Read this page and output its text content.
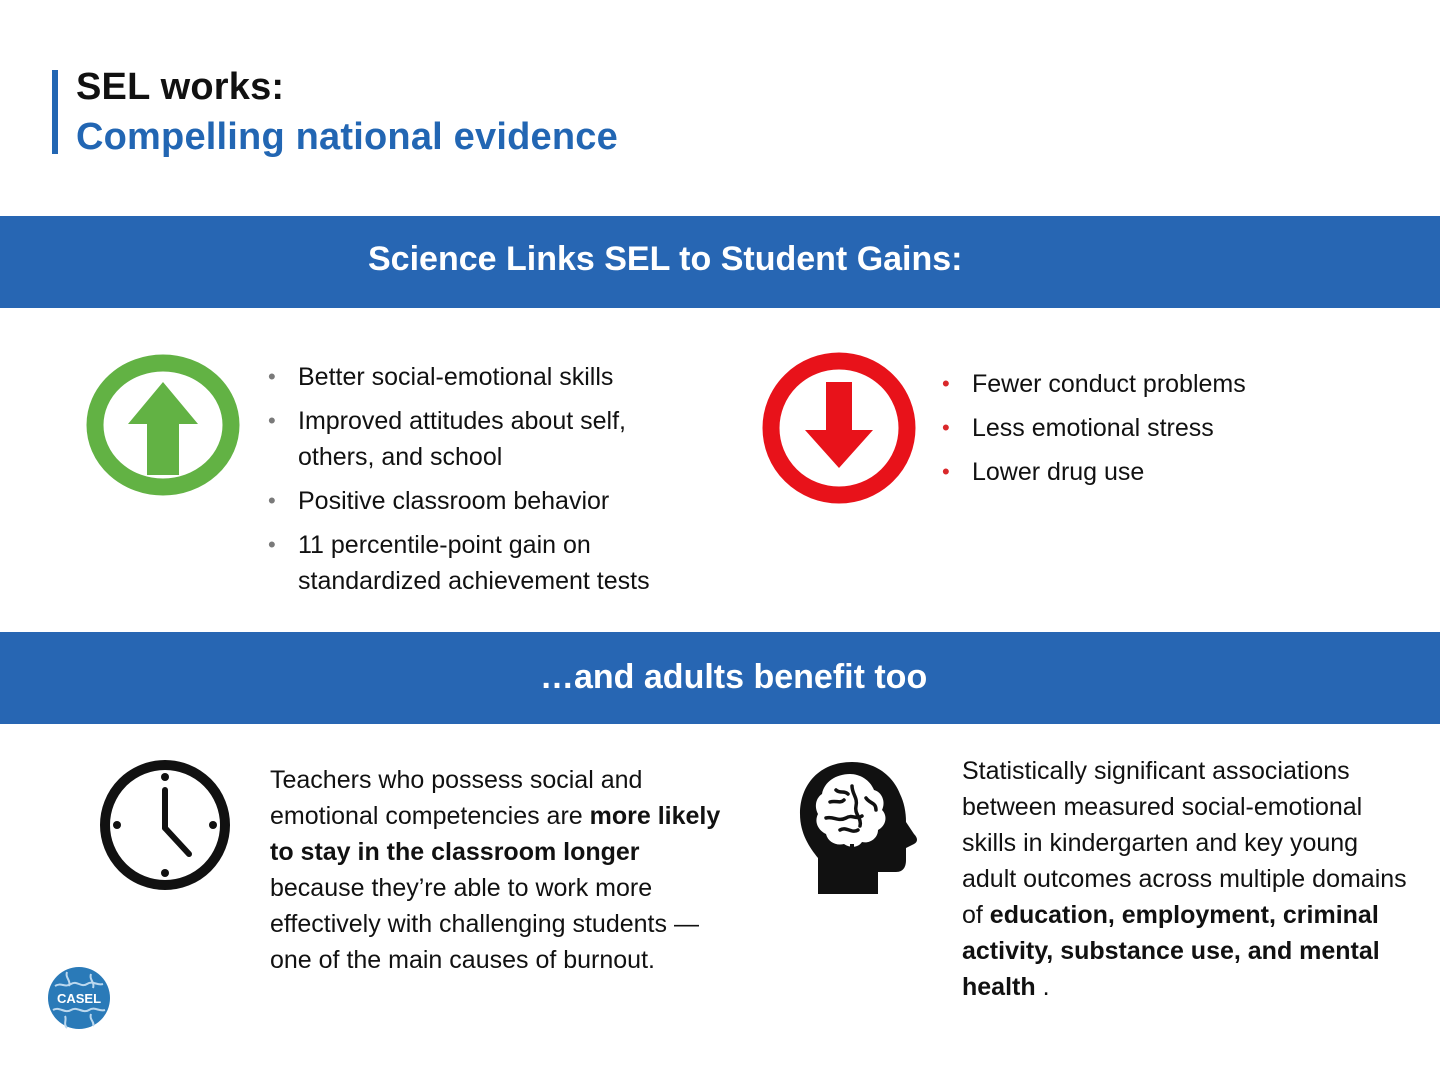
SEL works:
Compelling national evidence
Science Links SEL to Student Gains:
• Better social-emotional skills
• Improved attitudes about self, others, and school
• Positive classroom behavior
• 11 percentile-point gain on standardized achievement tests
• Fewer conduct problems
• Less emotional stress
• Lower drug use
…and adults benefit too

Teachers who possess social and emotional competencies are more likely to stay in the classroom longer because they’re able to work more effectively with challenging students —one of the main causes of burnout.

Statistically significant associations between measured social-emotional skills in kindergarten and key young adult outcomes across multiple domains of education, employment, criminal activity, substance use, and mental health .

CASEL
